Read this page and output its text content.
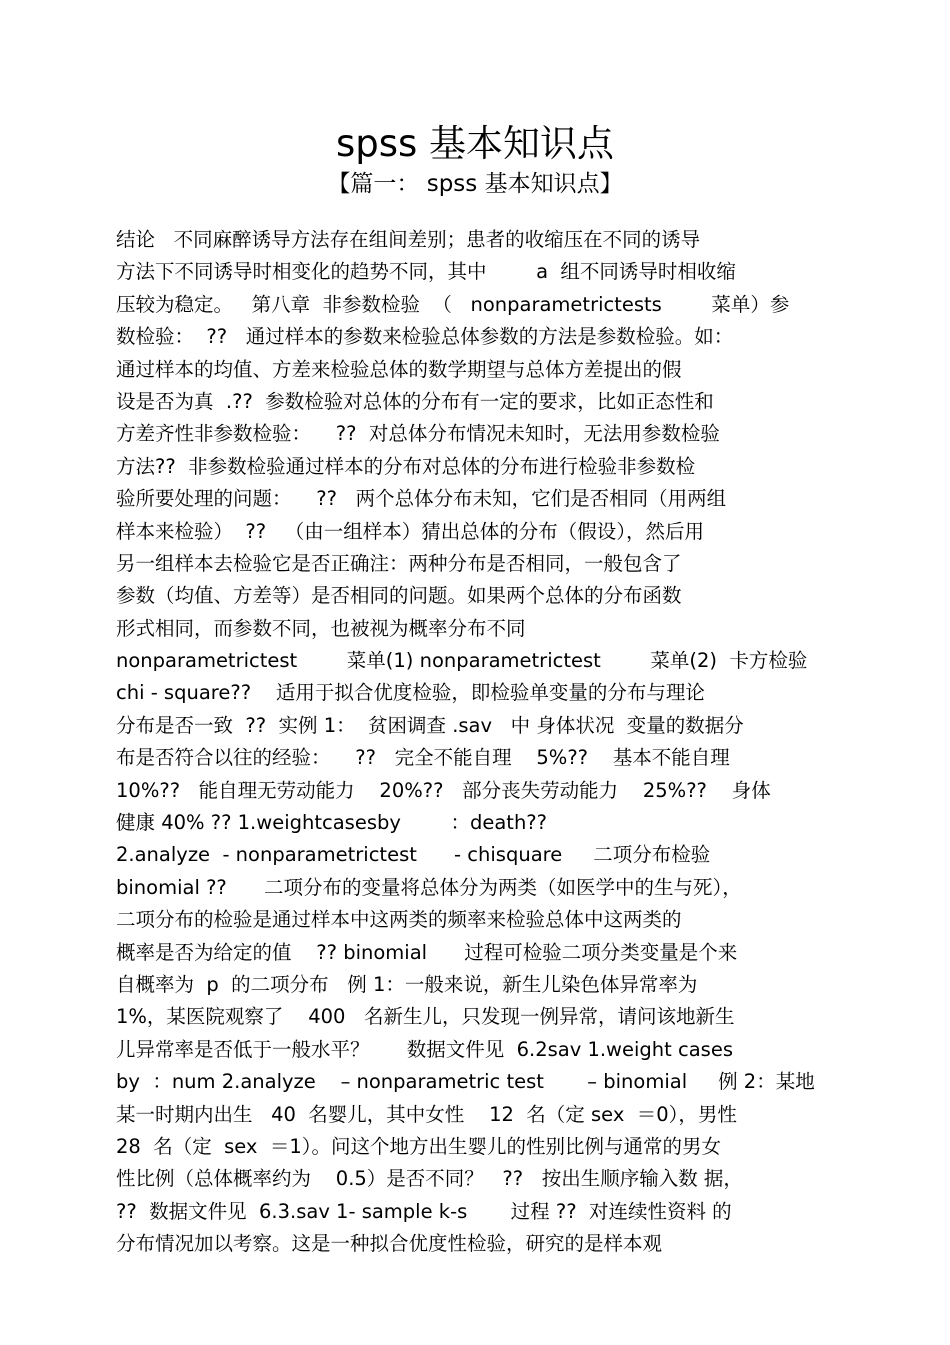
spss 基本知识点
【篇一： spss 基本知识点】
结论   不同麻醉诱导方法存在组间差别；患者的收缩压在不同的诱导
方法下不同诱导时相变化的趋势不同，其中        a  组不同诱导时相收缩
压较为稳定。   第八章  非参数检验  （   nonparametrictests        菜单）参
数检验：  ??   通过样本的参数来检验总体参数的方法是参数检验。如：
通过样本的均值、方差来检验总体的数学期望与总体方差提出的假
设是否为真  .??  参数检验对总体的分布有一定的要求，比如正态性和
方差齐性非参数检验：    ??  对总体分布情况未知时，无法用参数检验
方法??  非参数检验通过样本的分布对总体的分布进行检验非参数检
验所要处理的问题：    ??   两个总体分布未知，它们是否相同（用两组
样本来检验）  ??   （由一组样本）猜出总体的分布（假设），然后用
另一组样本去检验它是否正确注：两种分布是否相同，一般包含了
参数（均值、方差等）是否相同的问题。如果两个总体的分布函数
形式相同，而参数不同，也被视为概率分布不同
nonparametrictest        菜单(1) nonparametrictest        菜单(2)  卡方检验
chi - square??    适用于拟合优度检验，即检验单变量的分布与理论
分布是否一致  ??  实例 1：  贫困调查 .sav   中 身体状况  变量的数据分
布是否符合以往的经验：    ??   完全不能自理    5%??    基本不能自理
10%??   能自理无劳动能力    20%??   部分丧失劳动能力    25%??    身体
健康 40% ?? 1.weightcasesby        ：death??
2.analyze  - nonparametrictest      - chisquare     二项分布检验
binomial ??      二项分布的变量将总体分为两类（如医学中的生与死），
二项分布的检验是通过样本中这两类的频率来检验总体中这两类的
概率是否为给定的值    ?? binomial      过程可检验二项分类变量是个来
自概率为  p  的二项分布   例 1：一般来说，新生儿染色体异常率为
1%，某医院观察了    400   名新生儿，只发现一例异常，请问该地新生
儿异常率是否低于一般水平？      数据文件见  6.2sav 1.weight cases
by  ：num 2.analyze    – nonparametric test       – binomial     例 2：某地
某一时期内出生   40  名婴儿，其中女性    12  名（定 sex  ＝0），男性
28  名（定  sex  ＝1）。问这个地方出生婴儿的性别比例与通常的男女
性比例（总体概率约为    0.5）是否不同？   ??   按出生顺序输入数 据，
??  数据文件见  6.3.sav 1- sample k-s       过程 ??  对连续性资料 的
分布情况加以考察。这是一种拟合优度性检验，研究的是样本观
